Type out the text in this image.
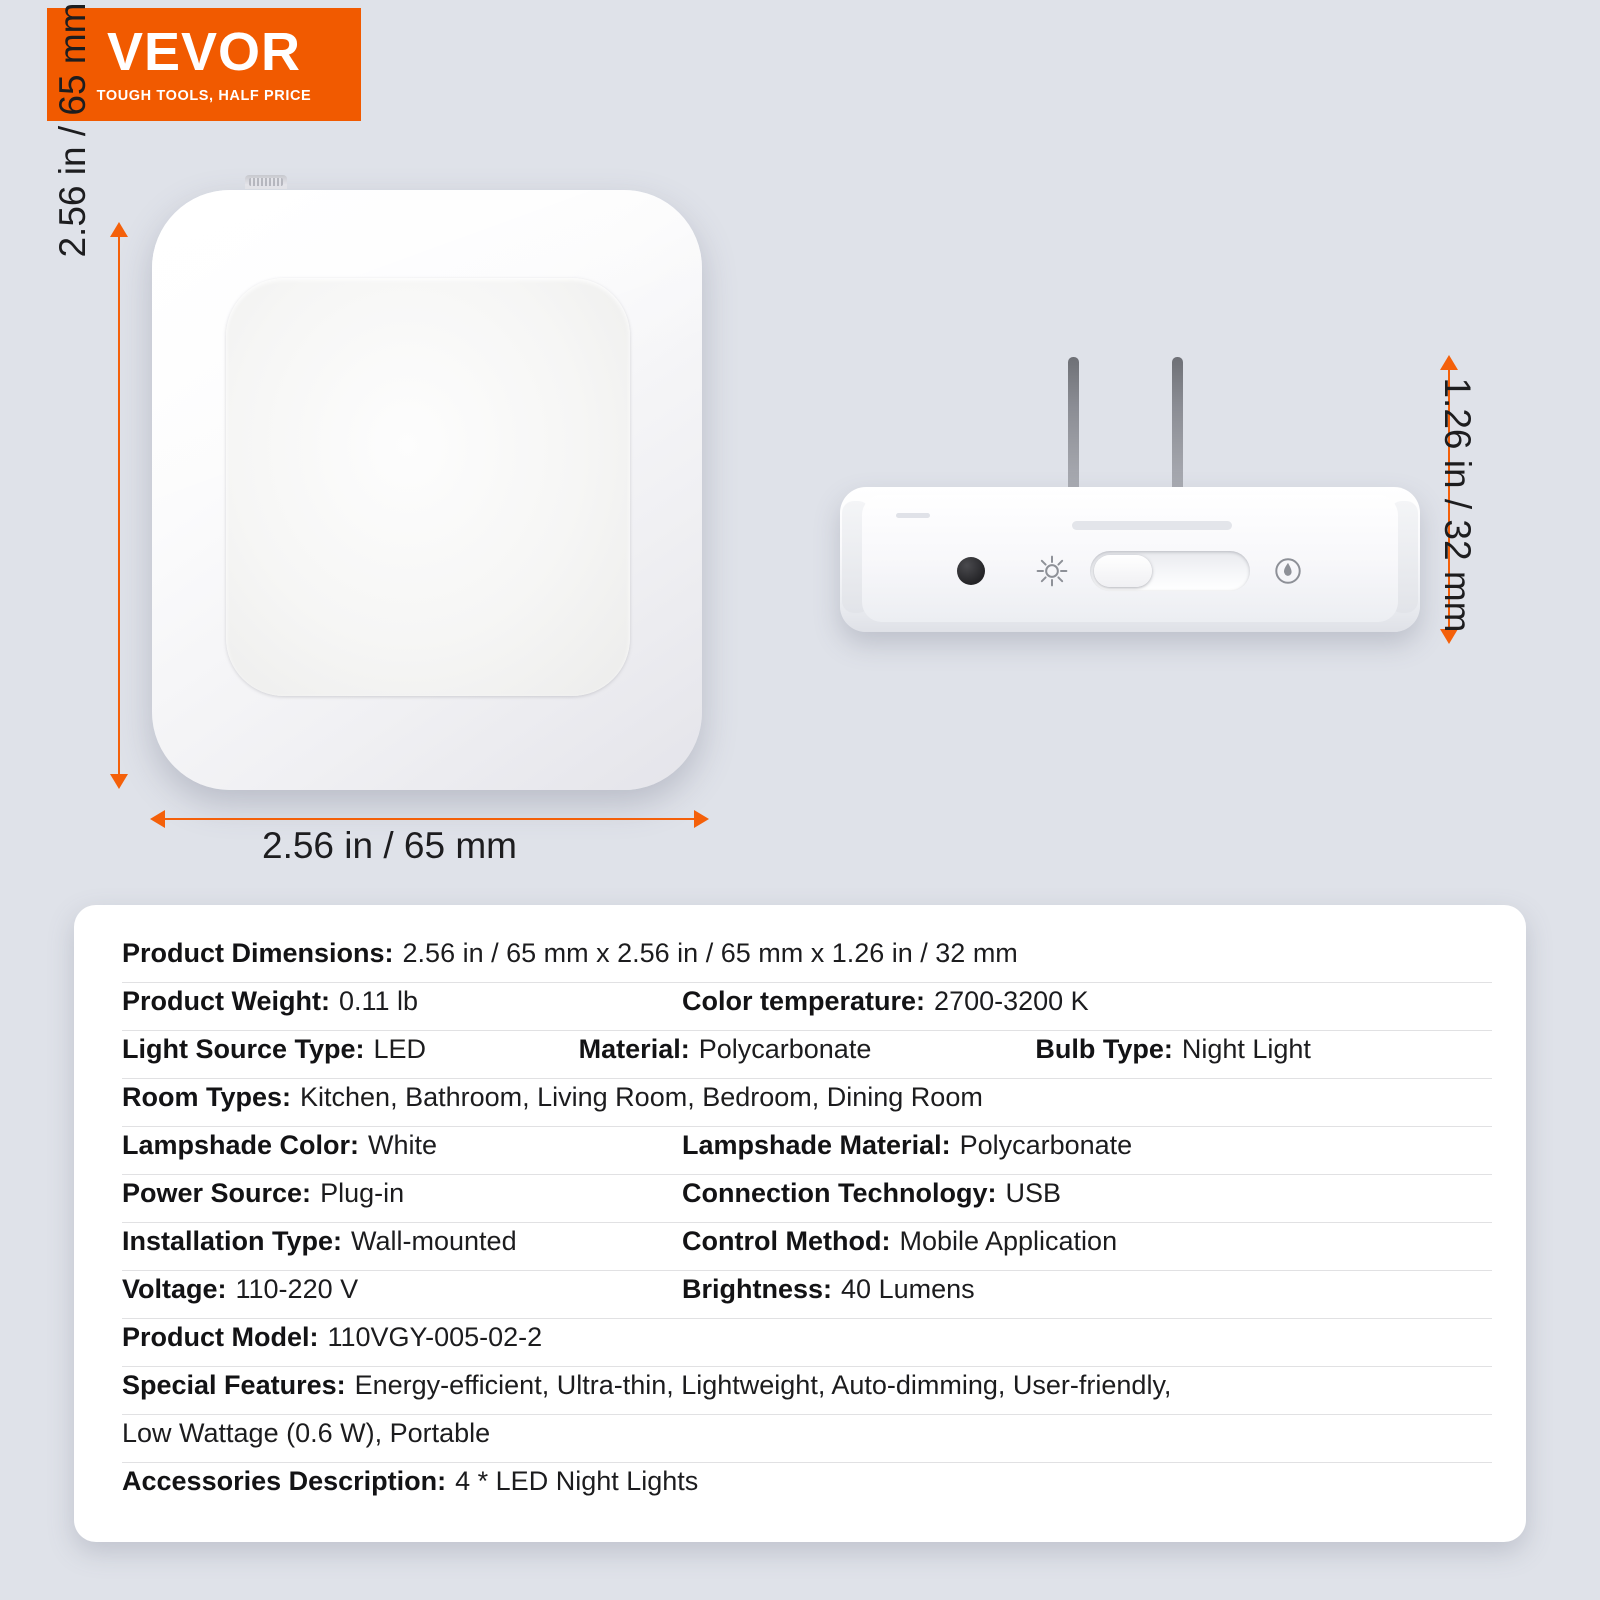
VEVOR
TOUGH TOOLS, HALF PRICE
2.56 in / 65 mm
2.56 in / 65 mm
1.26 in / 32 mm
Product Dimensions: 2.56 in / 65 mm x 2.56 in / 65 mm x 1.26 in / 32 mm
Product Weight: 0.11 lb	Color temperature: 2700-3200 K
Light Source Type: LED	Material: Polycarbonate	Bulb Type: Night Light
Room Types: Kitchen, Bathroom, Living Room, Bedroom, Dining Room
Lampshade Color: White	Lampshade Material: Polycarbonate
Power Source: Plug-in	Connection Technology: USB
Installation Type: Wall-mounted	Control Method: Mobile Application
Voltage: 110-220 V	Brightness: 40 Lumens
Product Model: 110VGY-005-02-2
Special Features: Energy-efficient, Ultra-thin, Lightweight, Auto-dimming, User-friendly,
Low Wattage (0.6 W), Portable
Accessories Description: 4 * LED Night Lights
